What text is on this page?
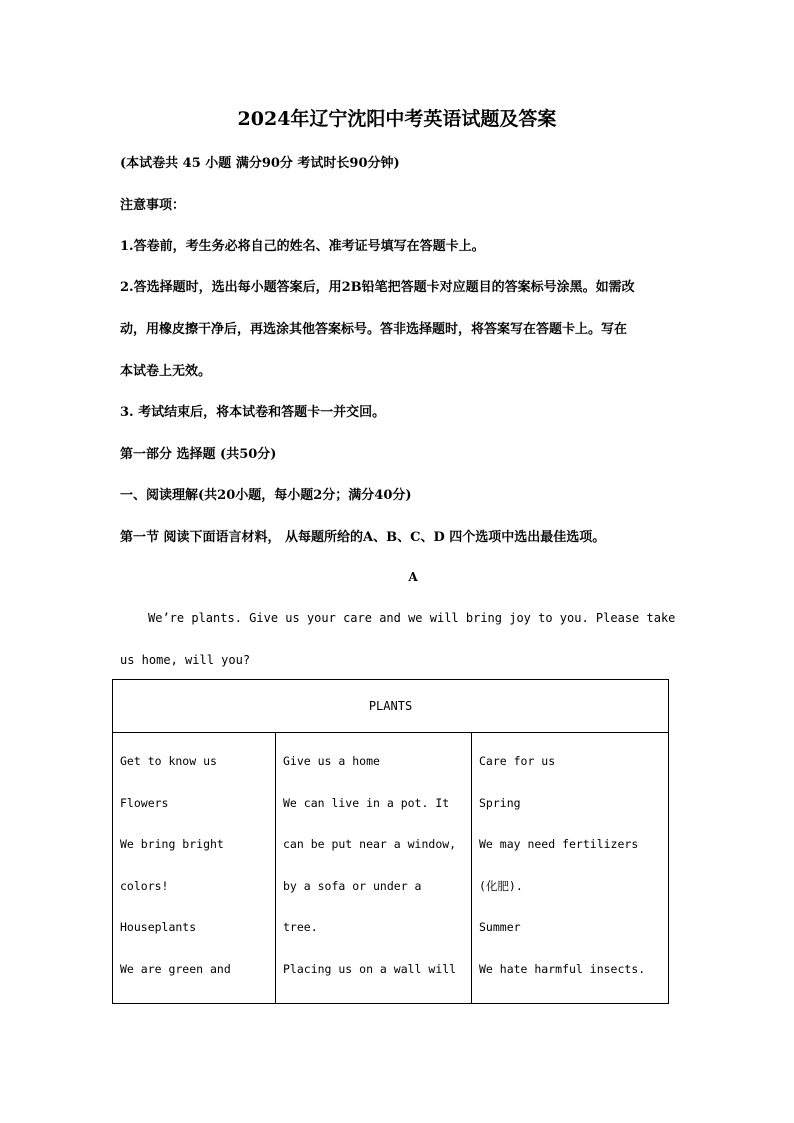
2024年辽宁沈阳中考英语试题及答案
(本试卷共 45 小题 满分90分 考试时长90分钟)
注意事项：
1.答卷前，考生务必将自己的姓名、准考证号填写在答题卡上。
2.答选择题时，选出每小题答案后，用2B铅笔把答题卡对应题目的答案标号涂黑。如需改
动，用橡皮擦干净后，再选涂其他答案标号。答非选择题时，将答案写在答题卡上。写在
本试卷上无效。
3. 考试结束后，将本试卷和答题卡一并交回。
第一部分 选择题 (共50分)
一、阅读理解(共20小题，每小题2分；满分40分)
第一节 阅读下面语言材料， 从每题所给的A、B、C、D 四个选项中选出最佳选项。
A
We’re plants. Give us your care and we will bring joy to you. Please take
us home, will you?
PLANTS

Get to know us
Flowers
We bring bright
colors!
Houseplants
We are green and

Give us a home
We can live in a pot. It
can be put near a window,
by a sofa or under a
tree.
Placing us on a wall will

Care for us
Spring
We may need fertilizers
(化肥).
Summer
We hate harmful insects.
